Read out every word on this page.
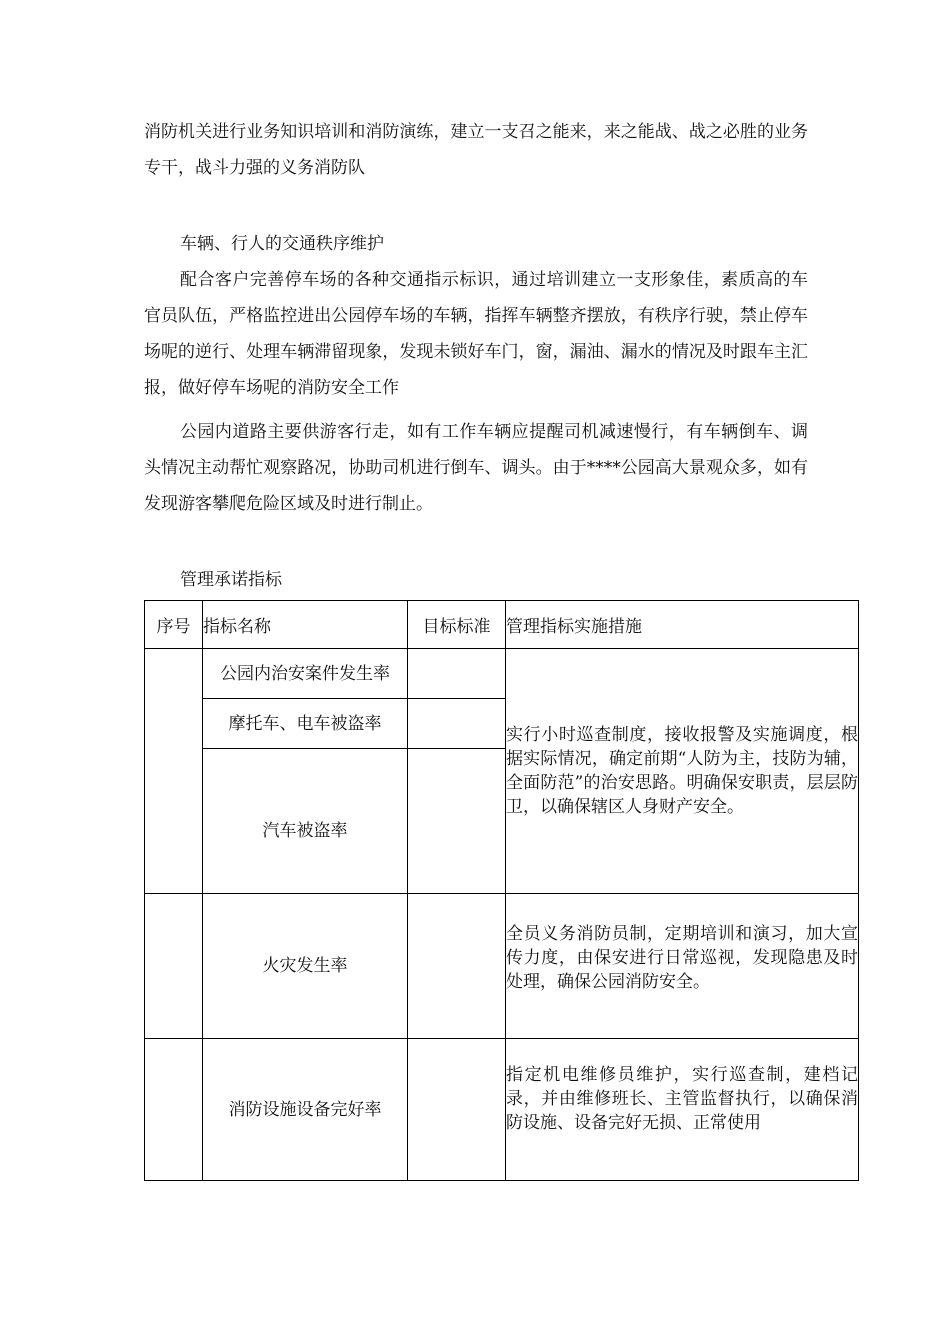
消防机关进行业务知识培训和消防演练，建立一支召之能来，来之能战、战之必胜的业务专干，战斗力强的义务消防队

车辆、行人的交通秩序维护

配合客户完善停车场的各种交通指示标识，通过培训建立一支形象佳，素质高的车官员队伍，严格监控进出公园停车场的车辆，指挥车辆整齐摆放，有秩序行驶，禁止停车场呢的逆行、处理车辆滞留现象，发现未锁好车门，窗，漏油、漏水的情况及时跟车主汇报，做好停车场呢的消防安全工作

公园内道路主要供游客行走，如有工作车辆应提醒司机减速慢行，有车辆倒车、调头情况主动帮忙观察路况，协助司机进行倒车、调头。由于****公园高大景观众多，如有发现游客攀爬危险区域及时进行制止。

管理承诺指标

序号	指标名称	目标标准	管理指标实施措施
	公园内治安案件发生率		实行小时巡查制度，接收报警及实施调度，根据实际情况，确定前期“人防为主，技防为辅，全面防范”的治安思路。明确保安职责，层层防卫，以确保辖区人身财产安全。
	摩托车、电车被盗率		
	汽车被盗率		
	火灾发生率		全员义务消防员制，定期培训和演习，加大宣传力度，由保安进行日常巡视，发现隐患及时处理，确保公园消防安全。
	消防设施设备完好率		指定机电维修员维护，实行巡查制，建档记录，并由维修班长、主管监督执行，以确保消防设施、设备完好无损、正常使用
